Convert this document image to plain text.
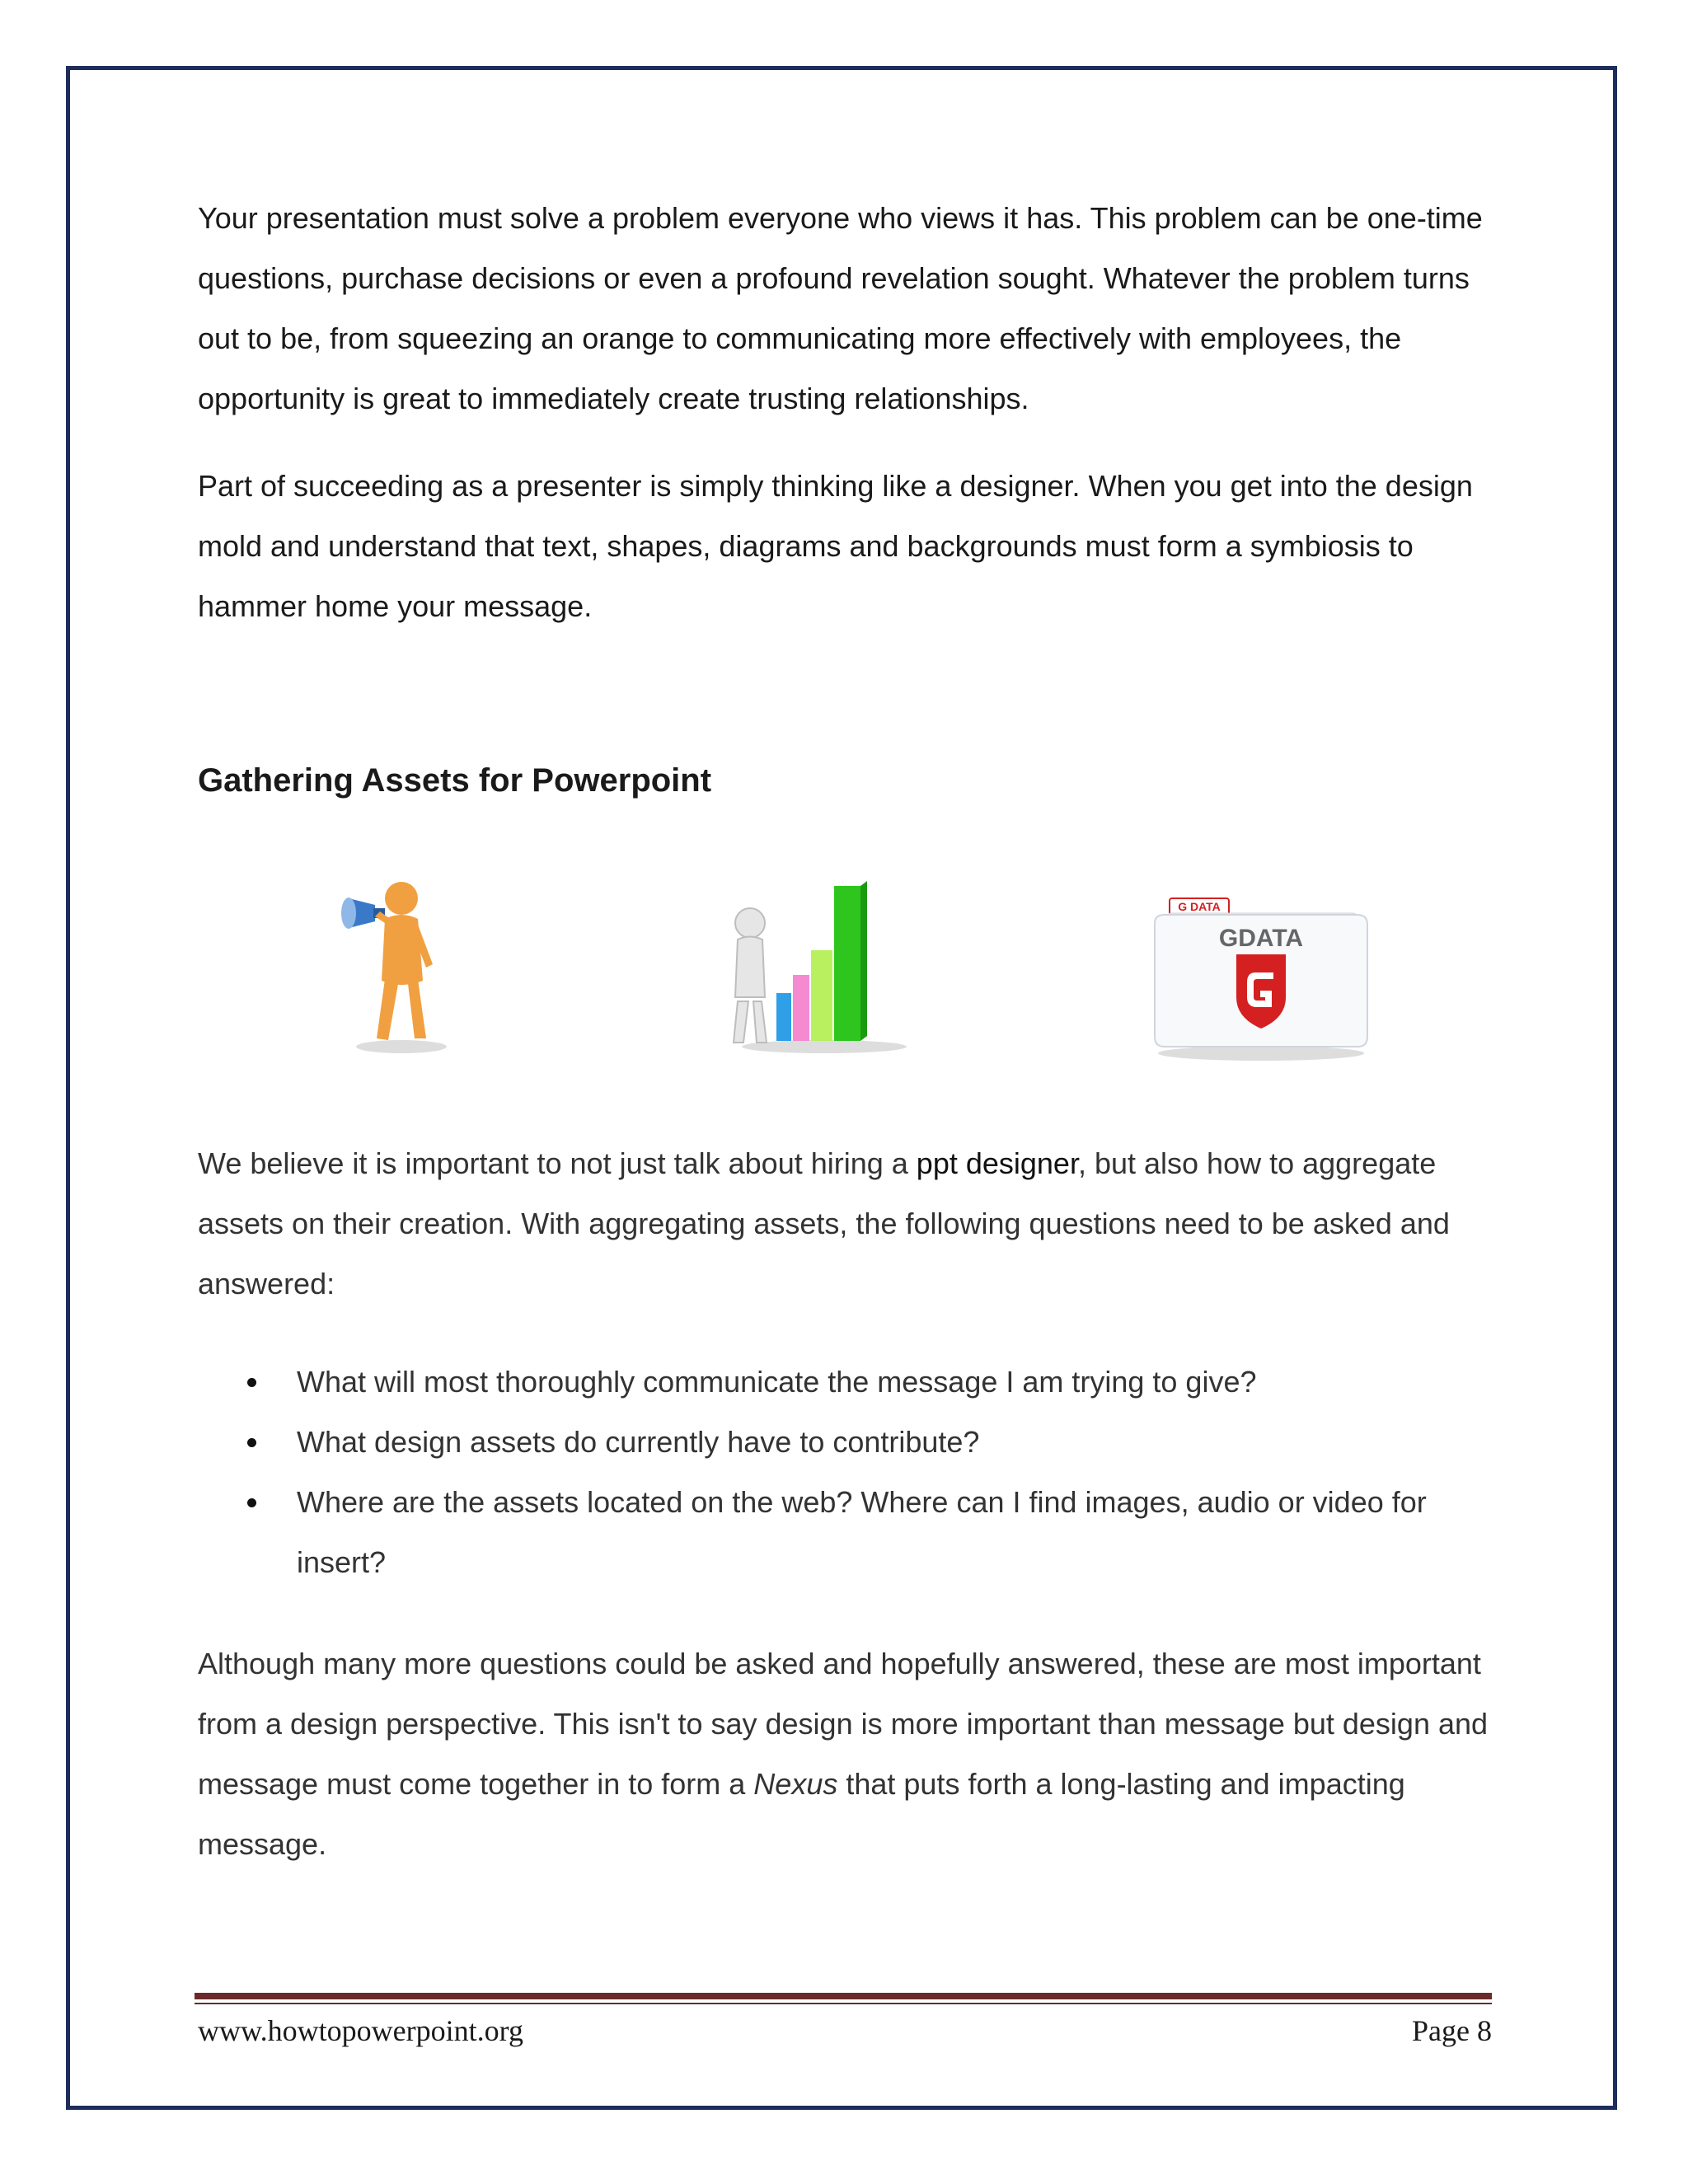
Your presentation must solve a problem everyone who views it has. This problem can be one-time questions, purchase decisions or even a profound revelation sought. Whatever the problem turns out to be, from squeezing an orange to communicating more effectively with employees, the opportunity is great to immediately create trusting relationships.

Part of succeeding as a presenter is simply thinking like a designer. When you get into the design mold and understand that text, shapes, diagrams and backgrounds must form a symbiosis to hammer home your message.

Gathering Assets for Powerpoint
G DATA
GDATA

We believe it is important to not just talk about hiring a ppt designer, but also how to aggregate assets on their creation. With aggregating assets, the following questions need to be asked and answered:

What will most thoroughly communicate the message I am trying to give?
What design assets do currently have to contribute?
Where are the assets located on the web? Where can I find images, audio or video for insert?

Although many more questions could be asked and hopefully answered, these are most important from a design perspective. This isn't to say design is more important than message but design and message must come together in to form a Nexus that puts forth a long-lasting and impacting message.

www.howtopowerpoint.org	Page 8
